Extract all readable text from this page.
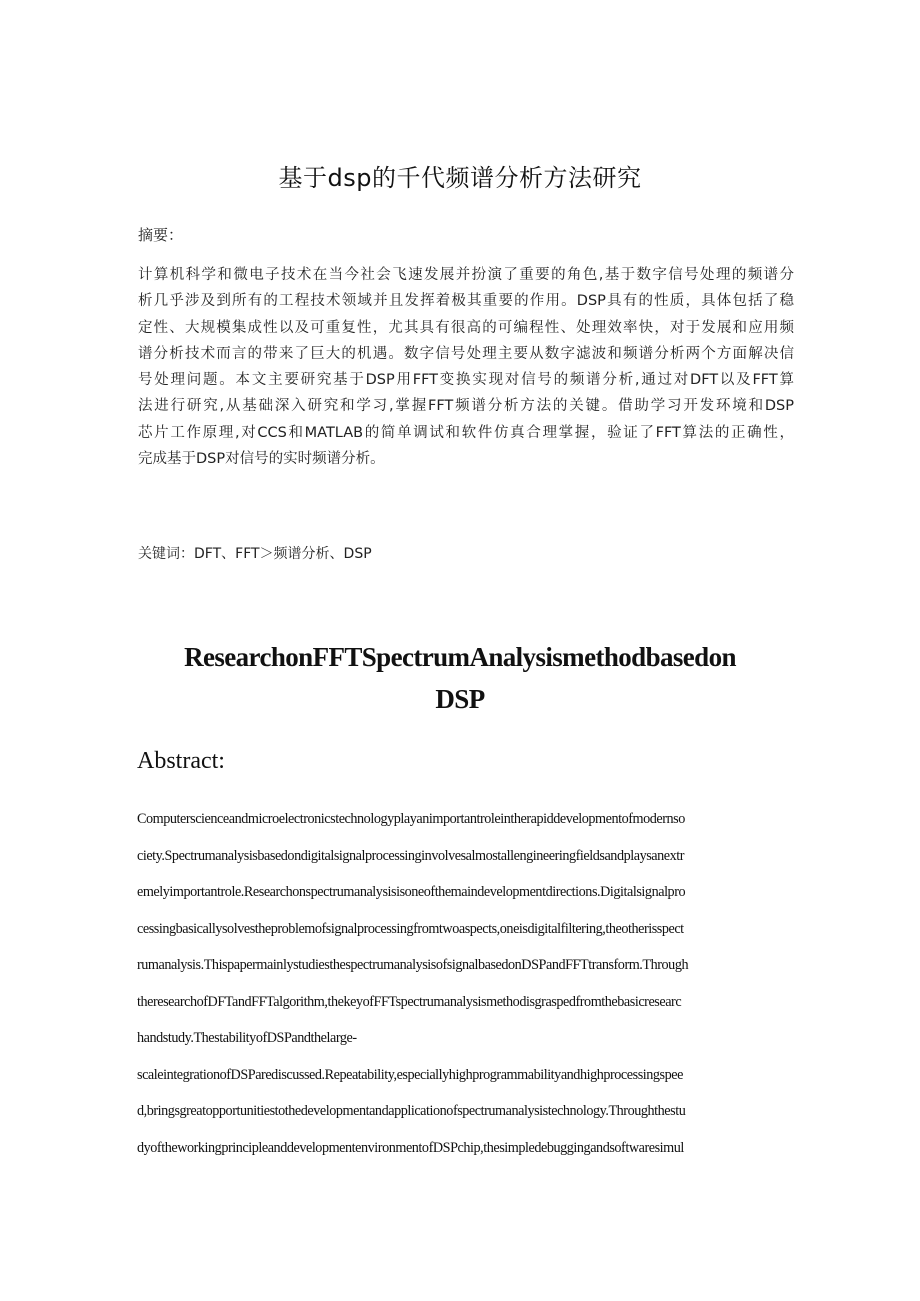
基于dsp的千代频谱分析方法研究
摘要：
计算机科学和微电子技术在当今社会飞速发展并扮演了重要的角色,基于数字信号处理的频谱分
析几乎涉及到所有的工程技术领域并且发挥着极其重要的作用。DSP具有的性质，具体包括了稳
定性、大规模集成性以及可重复性，尤其具有很高的可编程性、处理效率快，对于发展和应用频
谱分析技术而言的带来了巨大的机遇。数字信号处理主要从数字滤波和频谱分析两个方面解决信
号处理问题。本文主要研究基于DSP用FFT变换实现对信号的频谱分析,通过对DFT以及FFT算
法进行研究,从基础深入研究和学习,掌握FFT频谱分析方法的关键。借助学习开发环境和DSP
芯片工作原理,对CCS和MATLAB的简单调试和软件仿真合理掌握，验证了FFT算法的正确性，
完成基于DSP对信号的实时频谱分析。
关键词：DFT、FFT＞频谱分析、DSP
ResearchonFFTSpectrumAnalysismethodbasedon
DSP
Abstract:
Computerscienceandmicroelectronicstechnologyplayanimportantroleintherapiddevelopmentofmodernso
ciety.Spectrumanalysisbasedondigitalsignalprocessinginvolvesalmostallengineeringfieldsandplaysanextr
emelyimportantrole.Researchonspectrumanalysisisoneofthemaindevelopmentdirections.Digitalsignalpro
cessingbasicallysolvestheproblemofsignalprocessingfromtwoaspects,oneisdigitalfiltering,theotherisspect
rumanalysis.ThispapermainlystudiesthespectrumanalysisofsignalbasedonDSPandFFTtransform.Through
theresearchofDFTandFFTalgorithm,thekeyofFFTspectrumanalysismethodisgraspedfromthebasicresearc
handstudy.ThestabilityofDSPandthelarge-
scaleintegrationofDSParediscussed.Repeatability,especiallyhighprogrammabilityandhighprocessingspee
d,bringsgreatopportunitiestothedevelopmentandapplicationofspectrumanalysistechnology.Throughthestu
dyoftheworkingprincipleanddevelopmentenvironmentofDSPchip,thesimpledebuggingandsoftwaresimul
